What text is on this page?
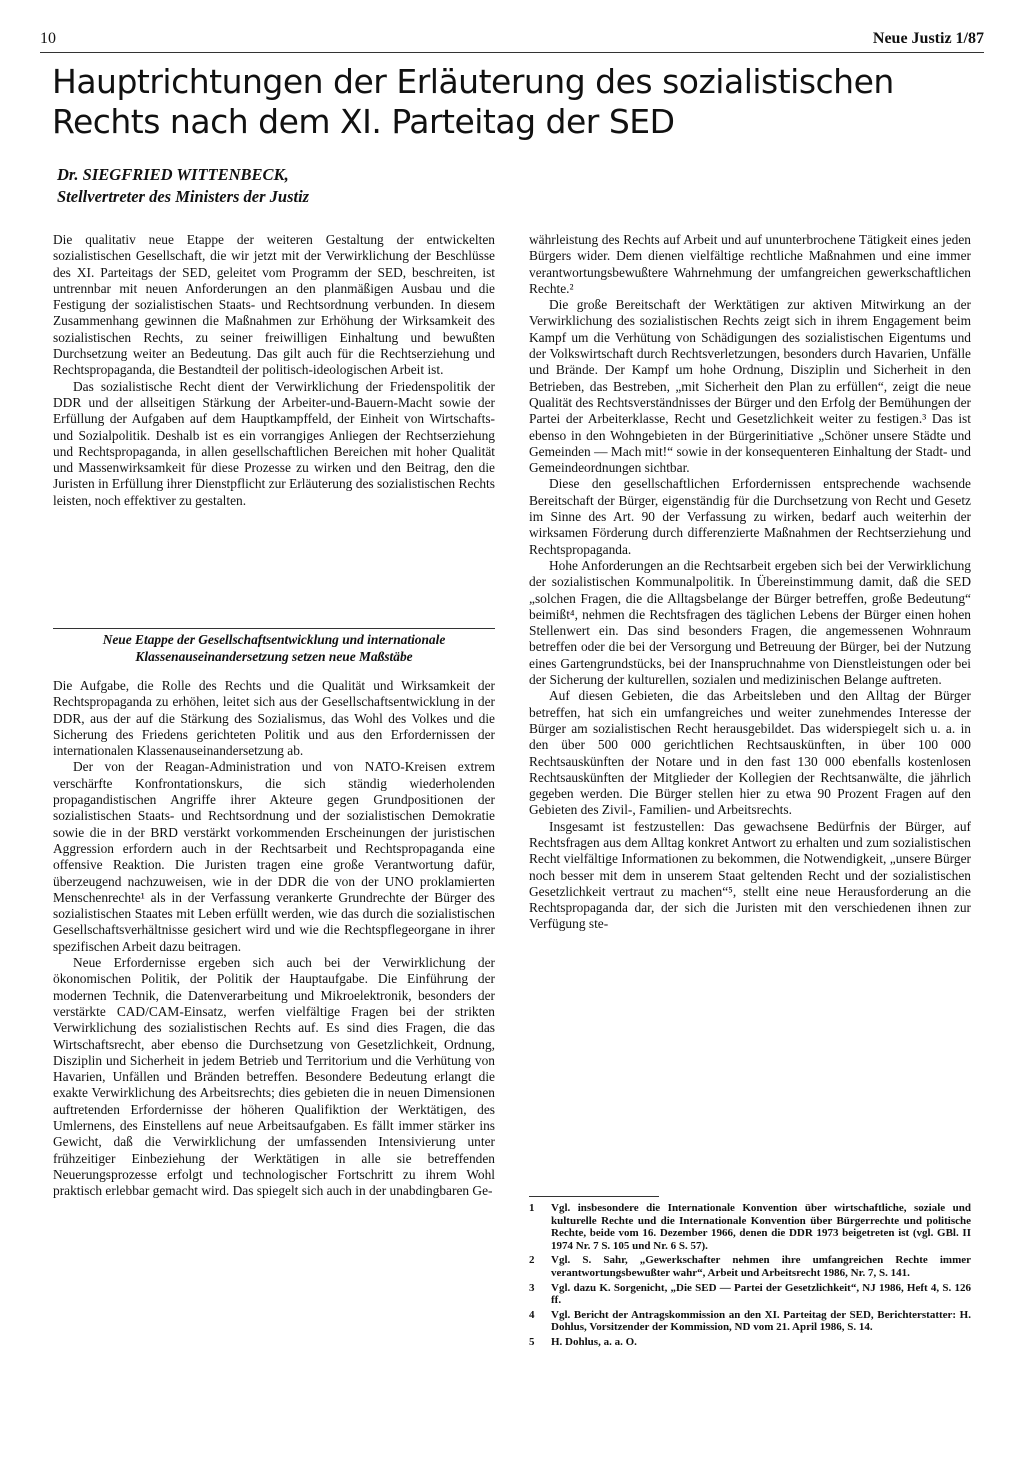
10	Neue Justiz 1/87
Hauptrichtungen der Erläuterung des sozialistischen Rechts nach dem XI. Parteitag der SED
Dr. SIEGFRIED WITTENBECK,
Stellvertreter des Ministers der Justiz

Die qualitativ neue Etappe der weiteren Gestaltung der entwickelten sozialistischen Gesellschaft, die wir jetzt mit der Verwirklichung der Beschlüsse des XI. Parteitags der SED, geleitet vom Programm der SED, beschreiten, ist untrennbar mit neuen Anforderungen an den planmäßigen Ausbau und die Festigung der sozialistischen Staats- und Rechtsordnung verbunden. In diesem Zusammenhang gewinnen die Maßnahmen zur Erhöhung der Wirksamkeit des sozialistischen Rechts, zu seiner freiwilligen Einhaltung und bewußten Durchsetzung weiter an Bedeutung. Das gilt auch für die Rechtserziehung und Rechtspropaganda, die Bestandteil der politisch-ideologischen Arbeit ist.

Das sozialistische Recht dient der Verwirklichung der Friedenspolitik der DDR und der allseitigen Stärkung der Arbeiter-und-Bauern-Macht sowie der Erfüllung der Aufgaben auf dem Hauptkampffeld, der Einheit von Wirtschafts- und Sozialpolitik. Deshalb ist es ein vorrangiges Anliegen der Rechtserziehung und Rechtspropaganda, in allen gesellschaftlichen Bereichen mit hoher Qualität und Massenwirksamkeit für diese Prozesse zu wirken und den Beitrag, den die Juristen in Erfüllung ihrer Dienstpflicht zur Erläuterung des sozialistischen Rechts leisten, noch effektiver zu gestalten.

Neue Etappe der Gesellschaftsentwicklung und internationale Klassenauseinandersetzung setzen neue Maßstäbe

Die Aufgabe, die Rolle des Rechts und die Qualität und Wirksamkeit der Rechtspropaganda zu erhöhen, leitet sich aus der Gesellschaftsentwicklung in der DDR, aus der auf die Stärkung des Sozialismus, das Wohl des Volkes und die Sicherung des Friedens gerichteten Politik und aus den Erfordernissen der internationalen Klassenauseinandersetzung ab.

Der von der Reagan-Administration und von NATO-Kreisen extrem verschärfte Konfrontationskurs, die sich ständig wiederholenden propagandistischen Angriffe ihrer Akteure gegen Grundpositionen der sozialistischen Staats- und Rechtsordnung und der sozialistischen Demokratie sowie die in der BRD verstärkt vorkommenden Erscheinungen der juristischen Aggression erfordern auch in der Rechtsarbeit und Rechtspropaganda eine offensive Reaktion. Die Juristen tragen eine große Verantwortung dafür, überzeugend nachzuweisen, wie in der DDR die von der UNO proklamierten Menschenrechte¹ als in der Verfassung verankerte Grundrechte der Bürger des sozialistischen Staates mit Leben erfüllt werden, wie das durch die sozialistischen Gesellschaftsverhältnisse gesichert wird und wie die Rechtspflegeorgane in ihrer spezifischen Arbeit dazu beitragen.

Neue Erfordernisse ergeben sich auch bei der Verwirklichung der ökonomischen Politik, der Politik der Hauptaufgabe. Die Einführung der modernen Technik, die Datenverarbeitung und Mikroelektronik, besonders der verstärkte CAD/CAM-Einsatz, werfen vielfältige Fragen bei der strikten Verwirklichung des sozialistischen Rechts auf. Es sind dies Fragen, die das Wirtschaftsrecht, aber ebenso die Durchsetzung von Gesetzlichkeit, Ordnung, Disziplin und Sicherheit in jedem Betrieb und Territorium und die Verhütung von Havarien, Unfällen und Bränden betreffen. Besondere Bedeutung erlangt die exakte Verwirklichung des Arbeitsrechts; dies gebieten die in neuen Dimensionen auftretenden Erfordernisse der höheren Qualifiktion der Werktätigen, des Umlernens, des Einstellens auf neue Arbeitsaufgaben. Es fällt immer stärker ins Gewicht, daß die Verwirklichung der umfassenden Intensivierung unter frühzeitiger Einbeziehung der Werktätigen in alle sie betreffenden Neuerungsprozesse erfolgt und technologischer Fortschritt zu ihrem Wohl praktisch erlebbar gemacht wird. Das spiegelt sich auch in der unabdingbaren Ge-

währleistung des Rechts auf Arbeit und auf ununterbrochene Tätigkeit eines jeden Bürgers wider. Dem dienen vielfältige rechtliche Maßnahmen und eine immer verantwortungsbewußtere Wahrnehmung der umfangreichen gewerkschaftlichen Rechte.²

Die große Bereitschaft der Werktätigen zur aktiven Mitwirkung an der Verwirklichung des sozialistischen Rechts zeigt sich in ihrem Engagement beim Kampf um die Verhütung von Schädigungen des sozialistischen Eigentums und der Volkswirtschaft durch Rechtsverletzungen, besonders durch Havarien, Unfälle und Brände. Der Kampf um hohe Ordnung, Disziplin und Sicherheit in den Betrieben, das Bestreben, „mit Sicherheit den Plan zu erfüllen“, zeigt die neue Qualität des Rechtsverständnisses der Bürger und den Erfolg der Bemühungen der Partei der Arbeiterklasse, Recht und Gesetzlichkeit weiter zu festigen.³ Das ist ebenso in den Wohngebieten in der Bürgerinitiative „Schöner unsere Städte und Gemeinden — Mach mit!“ sowie in der konsequenteren Einhaltung der Stadt- und Gemeindeordnungen sichtbar.

Diese den gesellschaftlichen Erfordernissen entsprechende wachsende Bereitschaft der Bürger, eigenständig für die Durchsetzung von Recht und Gesetz im Sinne des Art. 90 der Verfassung zu wirken, bedarf auch weiterhin der wirksamen Förderung durch differenzierte Maßnahmen der Rechtserziehung und Rechtspropaganda.

Hohe Anforderungen an die Rechtsarbeit ergeben sich bei der Verwirklichung der sozialistischen Kommunalpolitik. In Übereinstimmung damit, daß die SED „solchen Fragen, die die Alltagsbelange der Bürger betreffen, große Bedeutung“ beimißt⁴, nehmen die Rechtsfragen des täglichen Lebens der Bürger einen hohen Stellenwert ein. Das sind besonders Fragen, die angemessenen Wohnraum betreffen oder die bei der Versorgung und Betreuung der Bürger, bei der Nutzung eines Gartengrundstücks, bei der Inanspruchnahme von Dienstleistungen oder bei der Sicherung der kulturellen, sozialen und medizinischen Belange auftreten.

Auf diesen Gebieten, die das Arbeitsleben und den Alltag der Bürger betreffen, hat sich ein umfangreiches und weiter zunehmendes Interesse der Bürger am sozialistischen Recht herausgebildet. Das widerspiegelt sich u. a. in den über 500 000 gerichtlichen Rechtsauskünften, in über 100 000 Rechtsauskünften der Notare und in den fast 130 000 ebenfalls kostenlosen Rechtsauskünften der Mitglieder der Kollegien der Rechtsanwälte, die jährlich gegeben werden. Die Bürger stellen hier zu etwa 90 Prozent Fragen auf den Gebieten des Zivil-, Familien- und Arbeitsrechts.

Insgesamt ist festzustellen: Das gewachsene Bedürfnis der Bürger, auf Rechtsfragen aus dem Alltag konkret Antwort zu erhalten und zum sozialistischen Recht vielfältige Informationen zu bekommen, die Notwendigkeit, „unsere Bürger noch besser mit dem in unserem Staat geltenden Recht und der sozialistischen Gesetzlichkeit vertraut zu machen“⁵, stellt eine neue Herausforderung an die Rechtspropaganda dar, der sich die Juristen mit den verschiedenen ihnen zur Verfügung ste-

1	Vgl. insbesondere die Internationale Konvention über wirtschaftliche, soziale und kulturelle Rechte und die Internationale Konvention über Bürgerrechte und politische Rechte, beide vom 16. Dezember 1966, denen die DDR 1973 beigetreten ist (vgl. GBl. II 1974 Nr. 7 S. 105 und Nr. 6 S. 57).
2	Vgl. S. Sahr, „Gewerkschafter nehmen ihre umfangreichen Rechte immer verantwortungsbewußter wahr“, Arbeit und Arbeitsrecht 1986, Nr. 7, S. 141.
3	Vgl. dazu K. Sorgenicht, „Die SED — Partei der Gesetzlichkeit“, NJ 1986, Heft 4, S. 126 ff.
4	Vgl. Bericht der Antragskommission an den XI. Parteitag der SED, Berichterstatter: H. Dohlus, Vorsitzender der Kommission, ND vom 21. April 1986, S. 14.
5	H. Dohlus, a. a. O.
